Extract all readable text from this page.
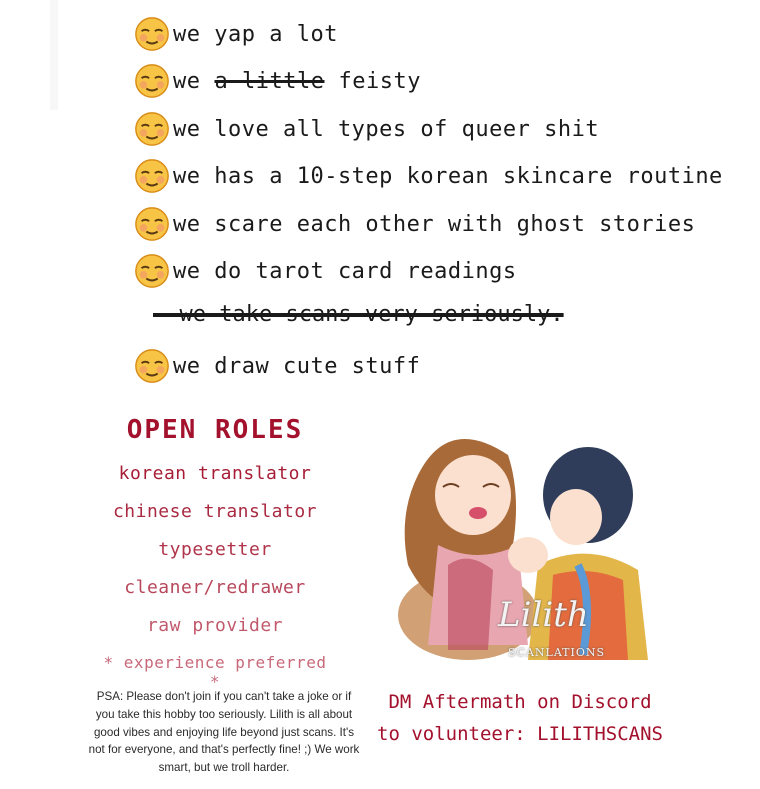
we yap a lot
we a little feisty
we love all types of queer shit
we has a 10-step korean skincare routine
we scare each other with ghost stories
we do tarot card readings
we draw cute stuff
- we take scans very seriously.
OPEN ROLES
korean translator
chinese translator
typesetter
cleaner/redrawer
raw provider
* experience preferred *
Lilith
SCANLATIONS
PSA: Please don't join if you can't take a joke or if you take this hobby too seriously. Lilith is all about good vibes and enjoying life beyond just scans. It's not for everyone, and that's perfectly fine! ;) We work smart, but we troll harder.
DM Aftermath on Discord
to volunteer: LILITHSCANS
